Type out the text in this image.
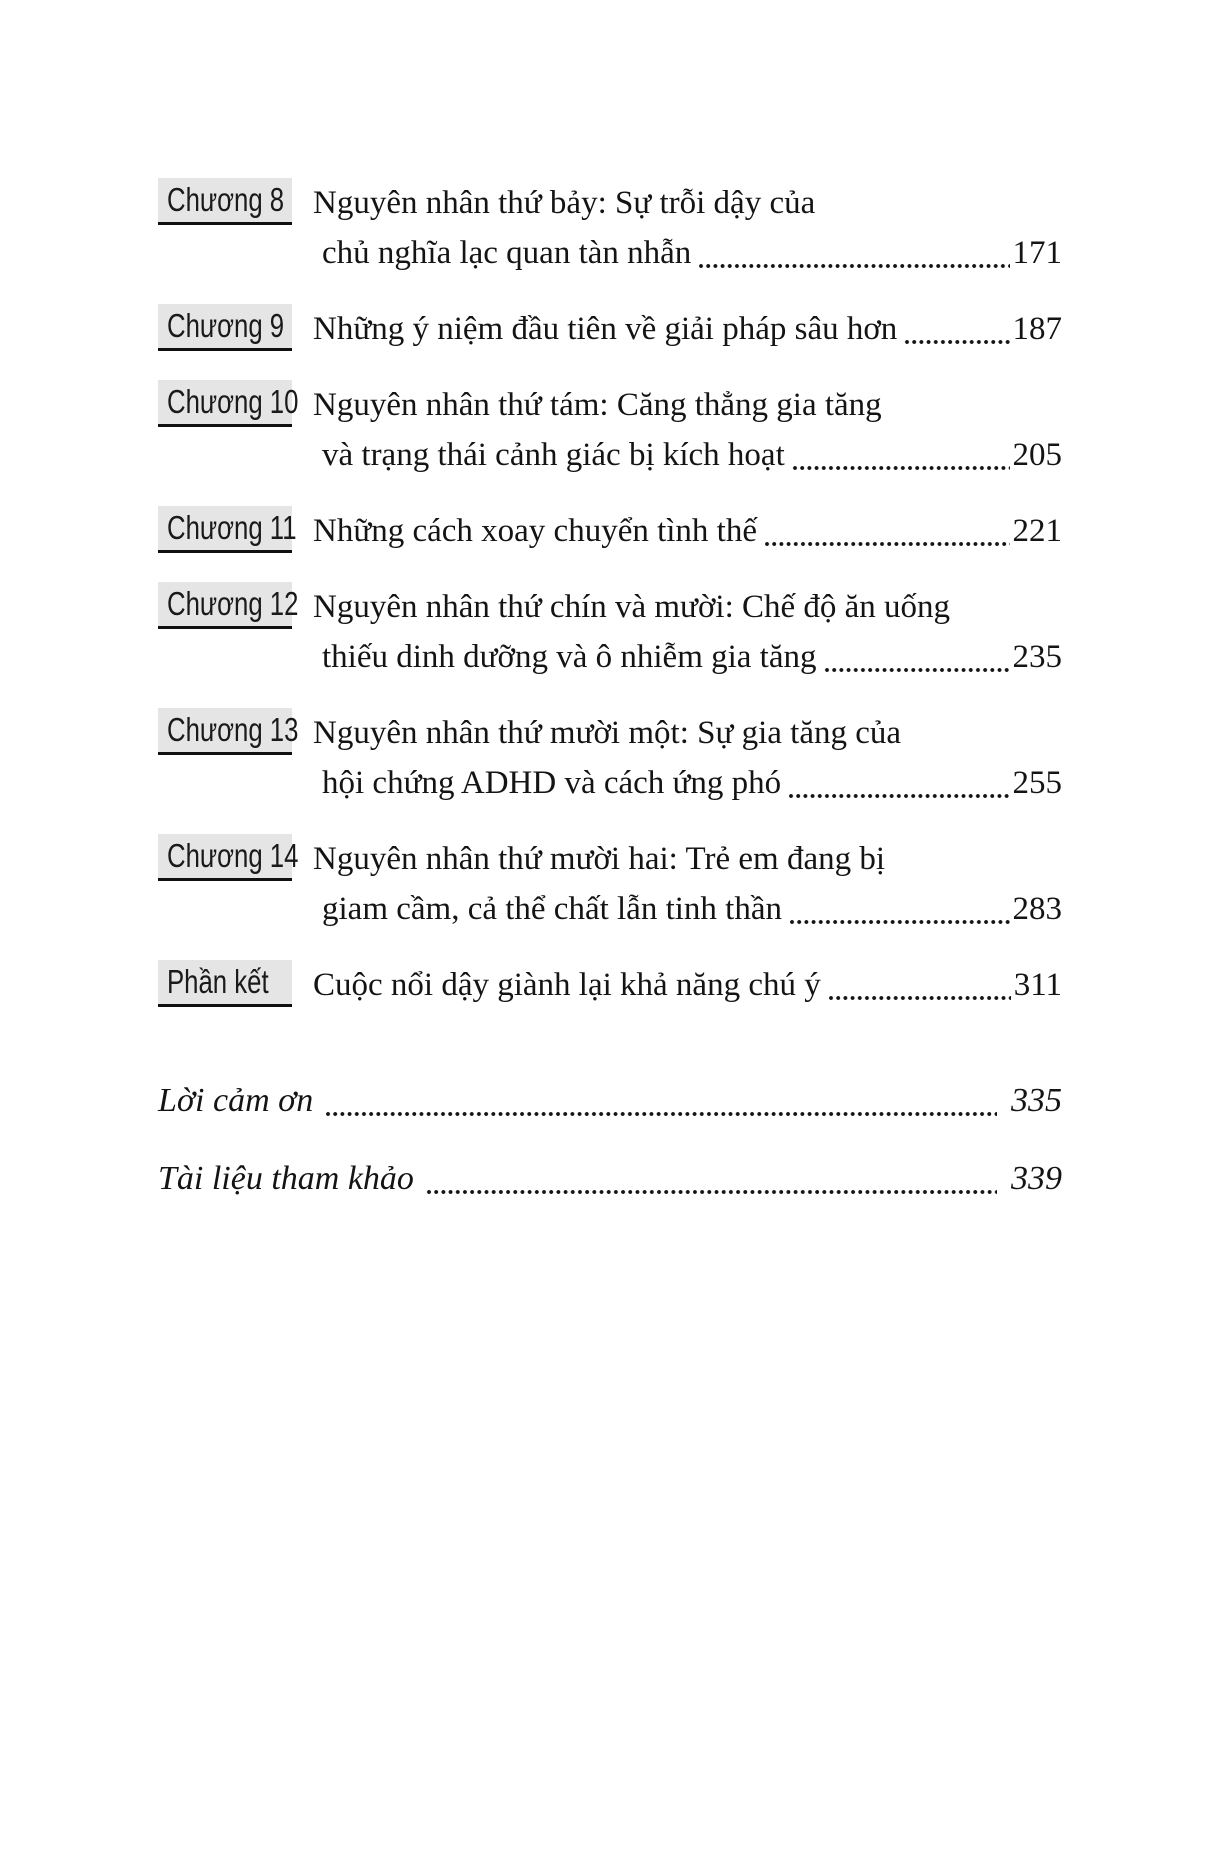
Chương 8 Nguyên nhân thứ bảy: Sự trỗi dậy của
chủ nghĩa lạc quan tàn nhẫn	171
Chương 9 Những ý niệm đầu tiên về giải pháp sâu hơn	187
Chương 10 Nguyên nhân thứ tám: Căng thẳng gia tăng
và trạng thái cảnh giác bị kích hoạt	205
Chương 11 Những cách xoay chuyển tình thế	221
Chương 12 Nguyên nhân thứ chín và mười: Chế độ ăn uống
thiếu dinh dưỡng và ô nhiễm gia tăng	235
Chương 13 Nguyên nhân thứ mười một: Sự gia tăng của
hội chứng ADHD và cách ứng phó	255
Chương 14 Nguyên nhân thứ mười hai: Trẻ em đang bị
giam cầm, cả thể chất lẫn tinh thần	283
Phần kết Cuộc nổi dậy giành lại khả năng chú ý	311
Lời cảm ơn	335
Tài liệu tham khảo	339
